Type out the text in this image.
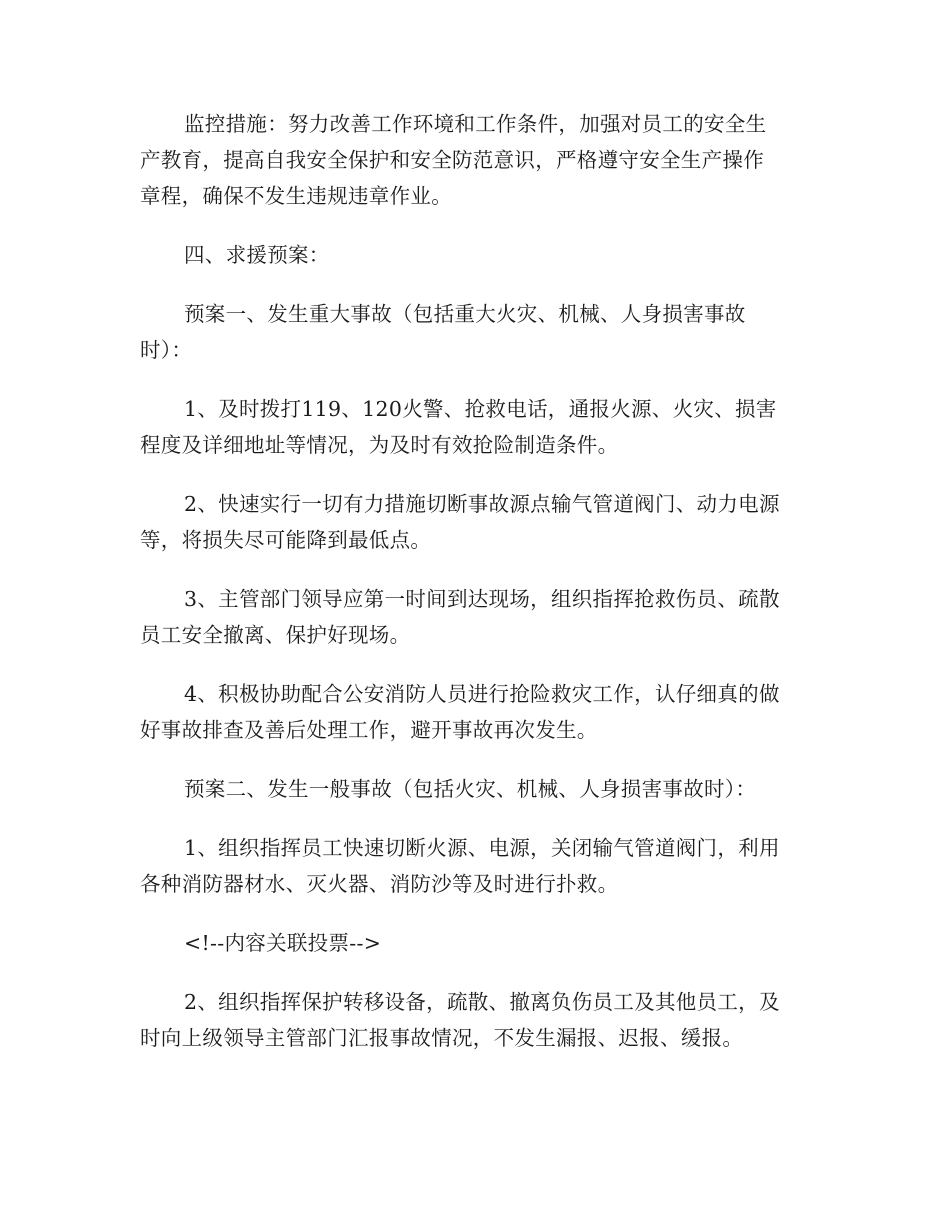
监控措施：努力改善工作环境和工作条件，加强对员工的安全生
产教育，提高自我安全保护和安全防范意识，严格遵守安全生产操作
章程，确保不发生违规违章作业。
四、求援预案：
预案一、发生重大事故（包括重大火灾、机械、人身损害事故
时）：
1、及时拨打119、120火警、抢救电话，通报火源、火灾、损害
程度及详细地址等情况，为及时有效抢险制造条件。
2、快速实行一切有力措施切断事故源点输气管道阀门、动力电源
等，将损失尽可能降到最低点。
3、主管部门领导应第一时间到达现场，组织指挥抢救伤员、疏散
员工安全撤离、保护好现场。
4、积极协助配合公安消防人员进行抢险救灾工作，认仔细真的做
好事故排查及善后处理工作，避开事故再次发生。
预案二、发生一般事故（包括火灾、机械、人身损害事故时）：
1、组织指挥员工快速切断火源、电源，关闭输气管道阀门，利用
各种消防器材水、灭火器、消防沙等及时进行扑救。
<!--内容关联投票-->
2、组织指挥保护转移设备，疏散、撤离负伤员工及其他员工，及
时向上级领导主管部门汇报事故情况，不发生漏报、迟报、缓报。
